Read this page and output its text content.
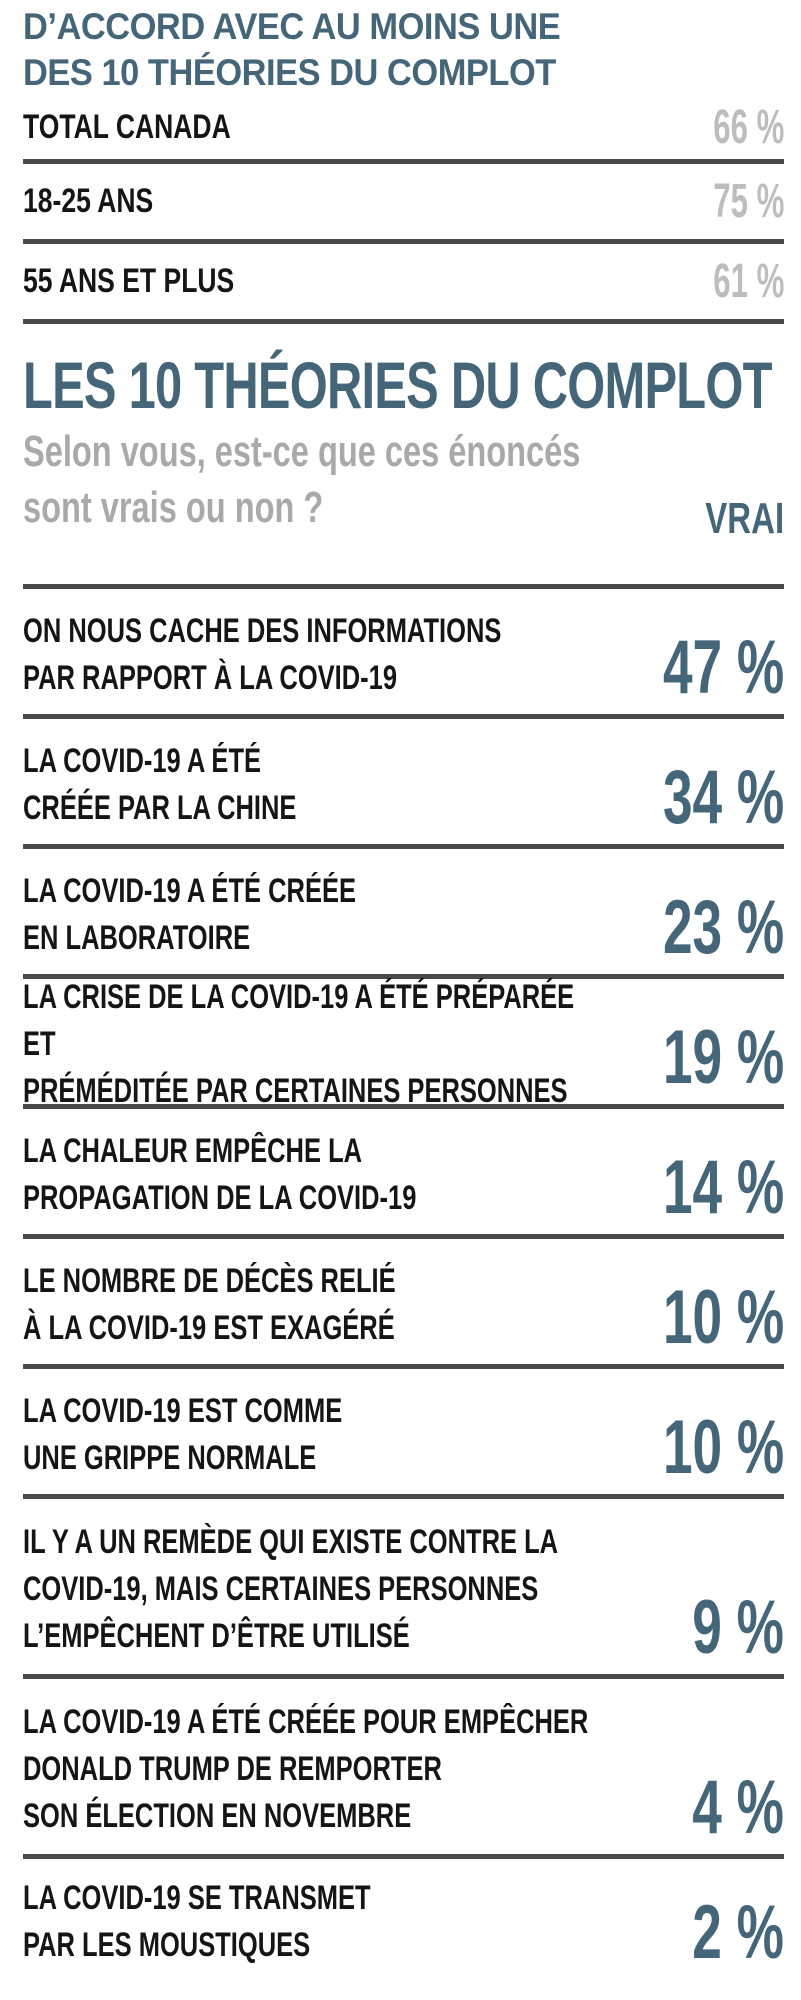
D’ACCORD AVEC AU MOINS UNE
DES 10 THÉORIES DU COMPLOT
TOTAL CANADA	66 %
18-25 ANS	75 %
55 ANS ET PLUS	61 %
LES 10 THÉORIES DU COMPLOT
Selon vous, est-ce que ces énoncés
sont vrais ou non ?	VRAI
ON NOUS CACHE DES INFORMATIONS
PAR RAPPORT À LA COVID-19	47 %
LA COVID-19 A ÉTÉ
CRÉÉE PAR LA CHINE	34 %
LA COVID-19 A ÉTÉ CRÉÉE
EN LABORATOIRE	23 %
LA CRISE DE LA COVID-19 A ÉTÉ PRÉPARÉE ET
PRÉMÉDITÉE PAR CERTAINES PERSONNES	19 %
LA CHALEUR EMPÊCHE LA
PROPAGATION DE LA COVID-19	14 %
LE NOMBRE DE DÉCÈS RELIÉ
À LA COVID-19 EST EXAGÉRÉ	10 %
LA COVID-19 EST COMME
UNE GRIPPE NORMALE	10 %
IL Y A UN REMÈDE QUI EXISTE CONTRE LA
COVID-19, MAIS CERTAINES PERSONNES
L’EMPÊCHENT D’ÊTRE UTILISÉ	9 %
LA COVID-19 A ÉTÉ CRÉÉE POUR EMPÊCHER
DONALD TRUMP DE REMPORTER
SON ÉLECTION EN NOVEMBRE	4 %
LA COVID-19 SE TRANSMET
PAR LES MOUSTIQUES	2 %
